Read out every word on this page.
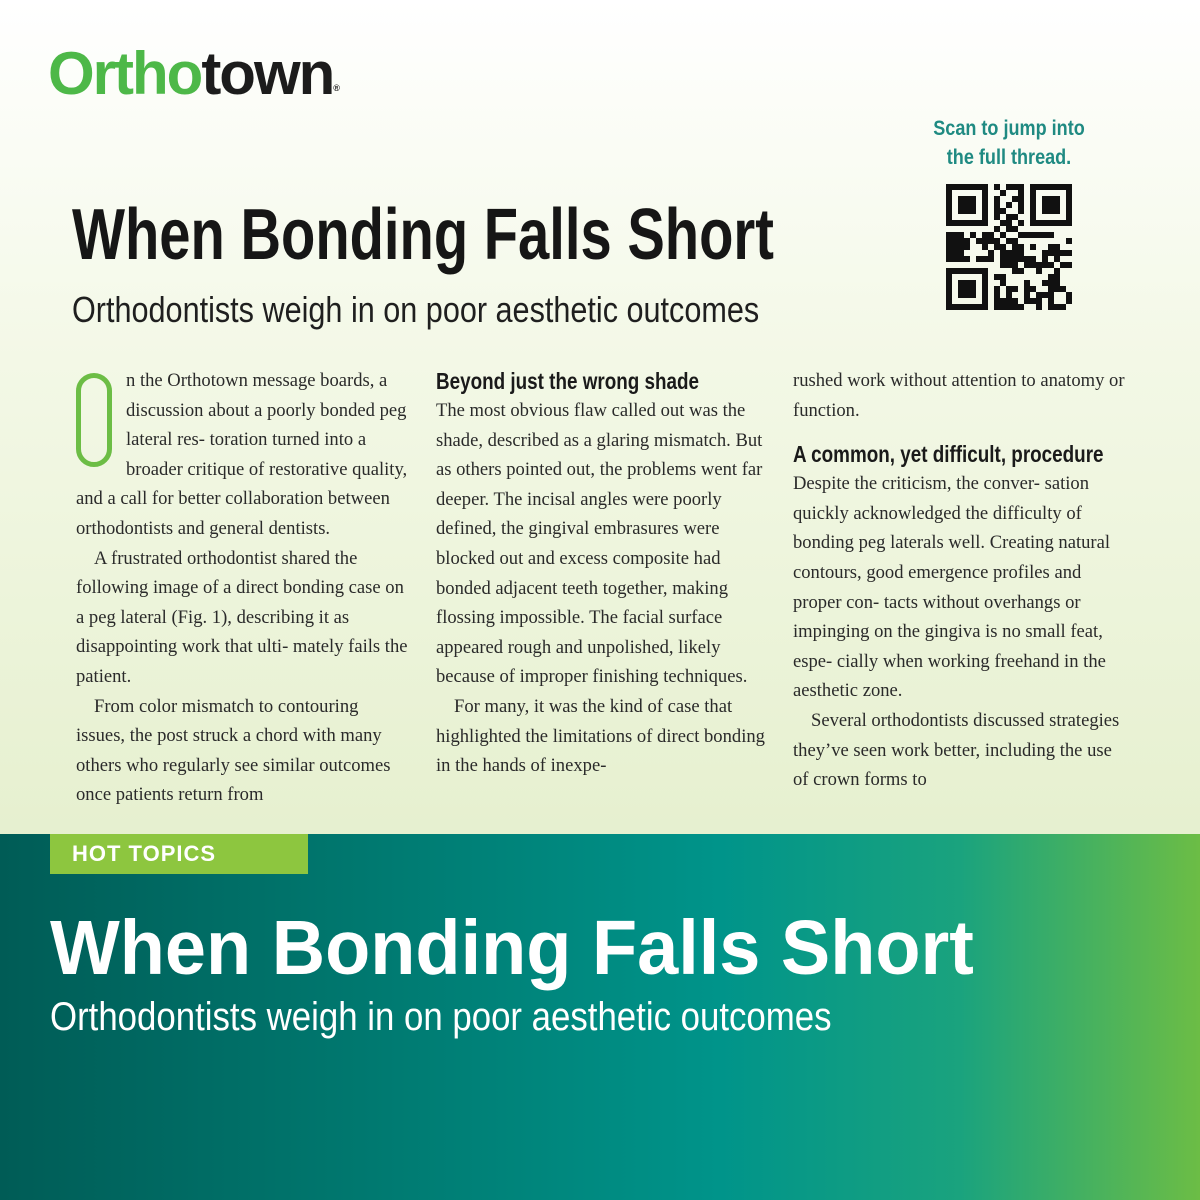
Orthotown®
Scan to jump into
the full thread.
When Bonding Falls Short
Orthodontists weigh in on poor aesthetic outcomes

n the Orthotown message boards, a discussion about a poorly bonded peg lateral res- toration turned into a broader critique of restorative quality, and a call for better collaboration between orthodontists and general dentists.

A frustrated orthodontist shared the following image of a direct bonding case on a peg lateral (Fig. 1), describing it as disappointing work that ulti- mately fails the patient.

From color mismatch to contouring issues, the post struck a chord with many others who regularly see similar outcomes once patients return from

Beyond just the wrong shade

The most obvious flaw called out was the shade, described as a glaring mismatch. But as others pointed out, the problems went far deeper. The incisal angles were poorly defined, the gingival embrasures were blocked out and excess composite had bonded adjacent teeth together, making flossing impossible. The facial surface appeared rough and unpolished, likely because of improper finishing techniques.

For many, it was the kind of case that highlighted the limitations of direct bonding in the hands of inexpe-

rushed work without attention to anatomy or function.

A common, yet difficult, procedure

Despite the criticism, the conver- sation quickly acknowledged the difficulty of bonding peg laterals well. Creating natural contours, good emergence profiles and proper con- tacts without overhangs or impinging on the gingiva is no small feat, espe- cially when working freehand in the aesthetic zone.

Several orthodontists discussed strategies they’ve seen work better, including the use of crown forms to

HOT TOPICS
When Bonding Falls Short
Orthodontists weigh in on poor aesthetic outcomes
